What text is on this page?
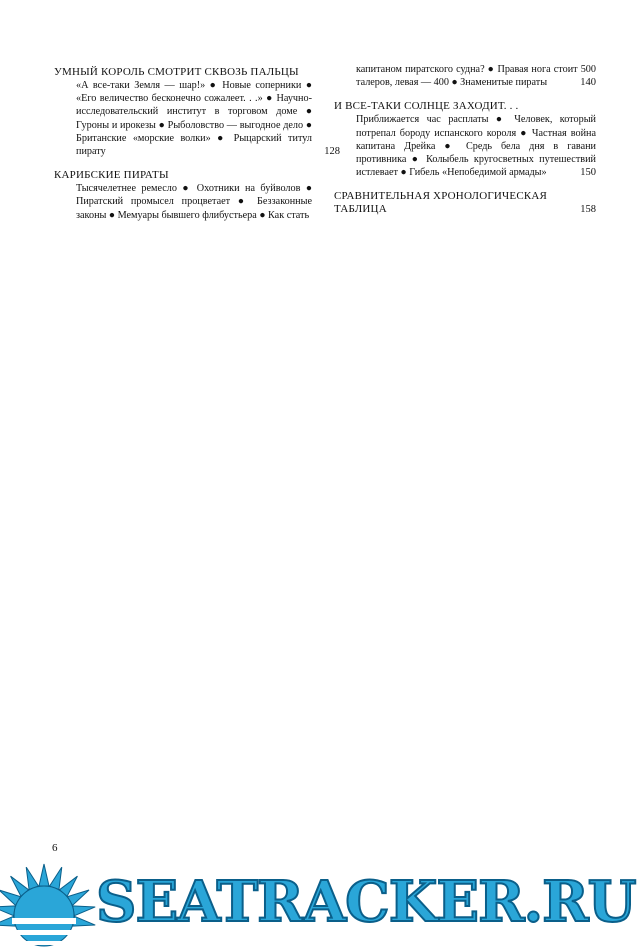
УМНЫЙ КОРОЛЬ СМОТРИТ СКВОЗЬ ПАЛЬЦЫ

«А все-таки Земля — шар!» ● Новые соперники ● «Его величество бесконечно сожалеет. . .» ● Научно-исследовательский институт в торговом доме ● Гуроны и ирокезы ● Рыболовство — выгодное дело ● Британские «морские волки» ● Рыцарский титул пирату	128
КАРИБСКИЕ ПИРАТЫ

Тысячелетнее ремесло ● Охотники на буйволов ● Пиратский промысел процветает ● Беззаконные законы ● Мемуары бывшего флибустьера ● Как стать

капитаном пиратского судна? ● Правая нога стоит 500 талеров, левая — 400 ● Знаменитые пираты	140
И ВСЕ-ТАКИ СОЛНЦЕ ЗАХОДИТ. . .

Приближается час расплаты ● Человек, который потрепал бороду испанского короля ● Частная война капитана Дрейка ● Средь бела дня в гавани противника ● Колыбель кругосветных путешествий истлевает ● Гибель «Непобедимой армады»	150
СРАВНИТЕЛЬНАЯ ХРОНОЛОГИЧЕСКАЯ ТАБЛИЦА	158
6
SEATRACKER.RU
